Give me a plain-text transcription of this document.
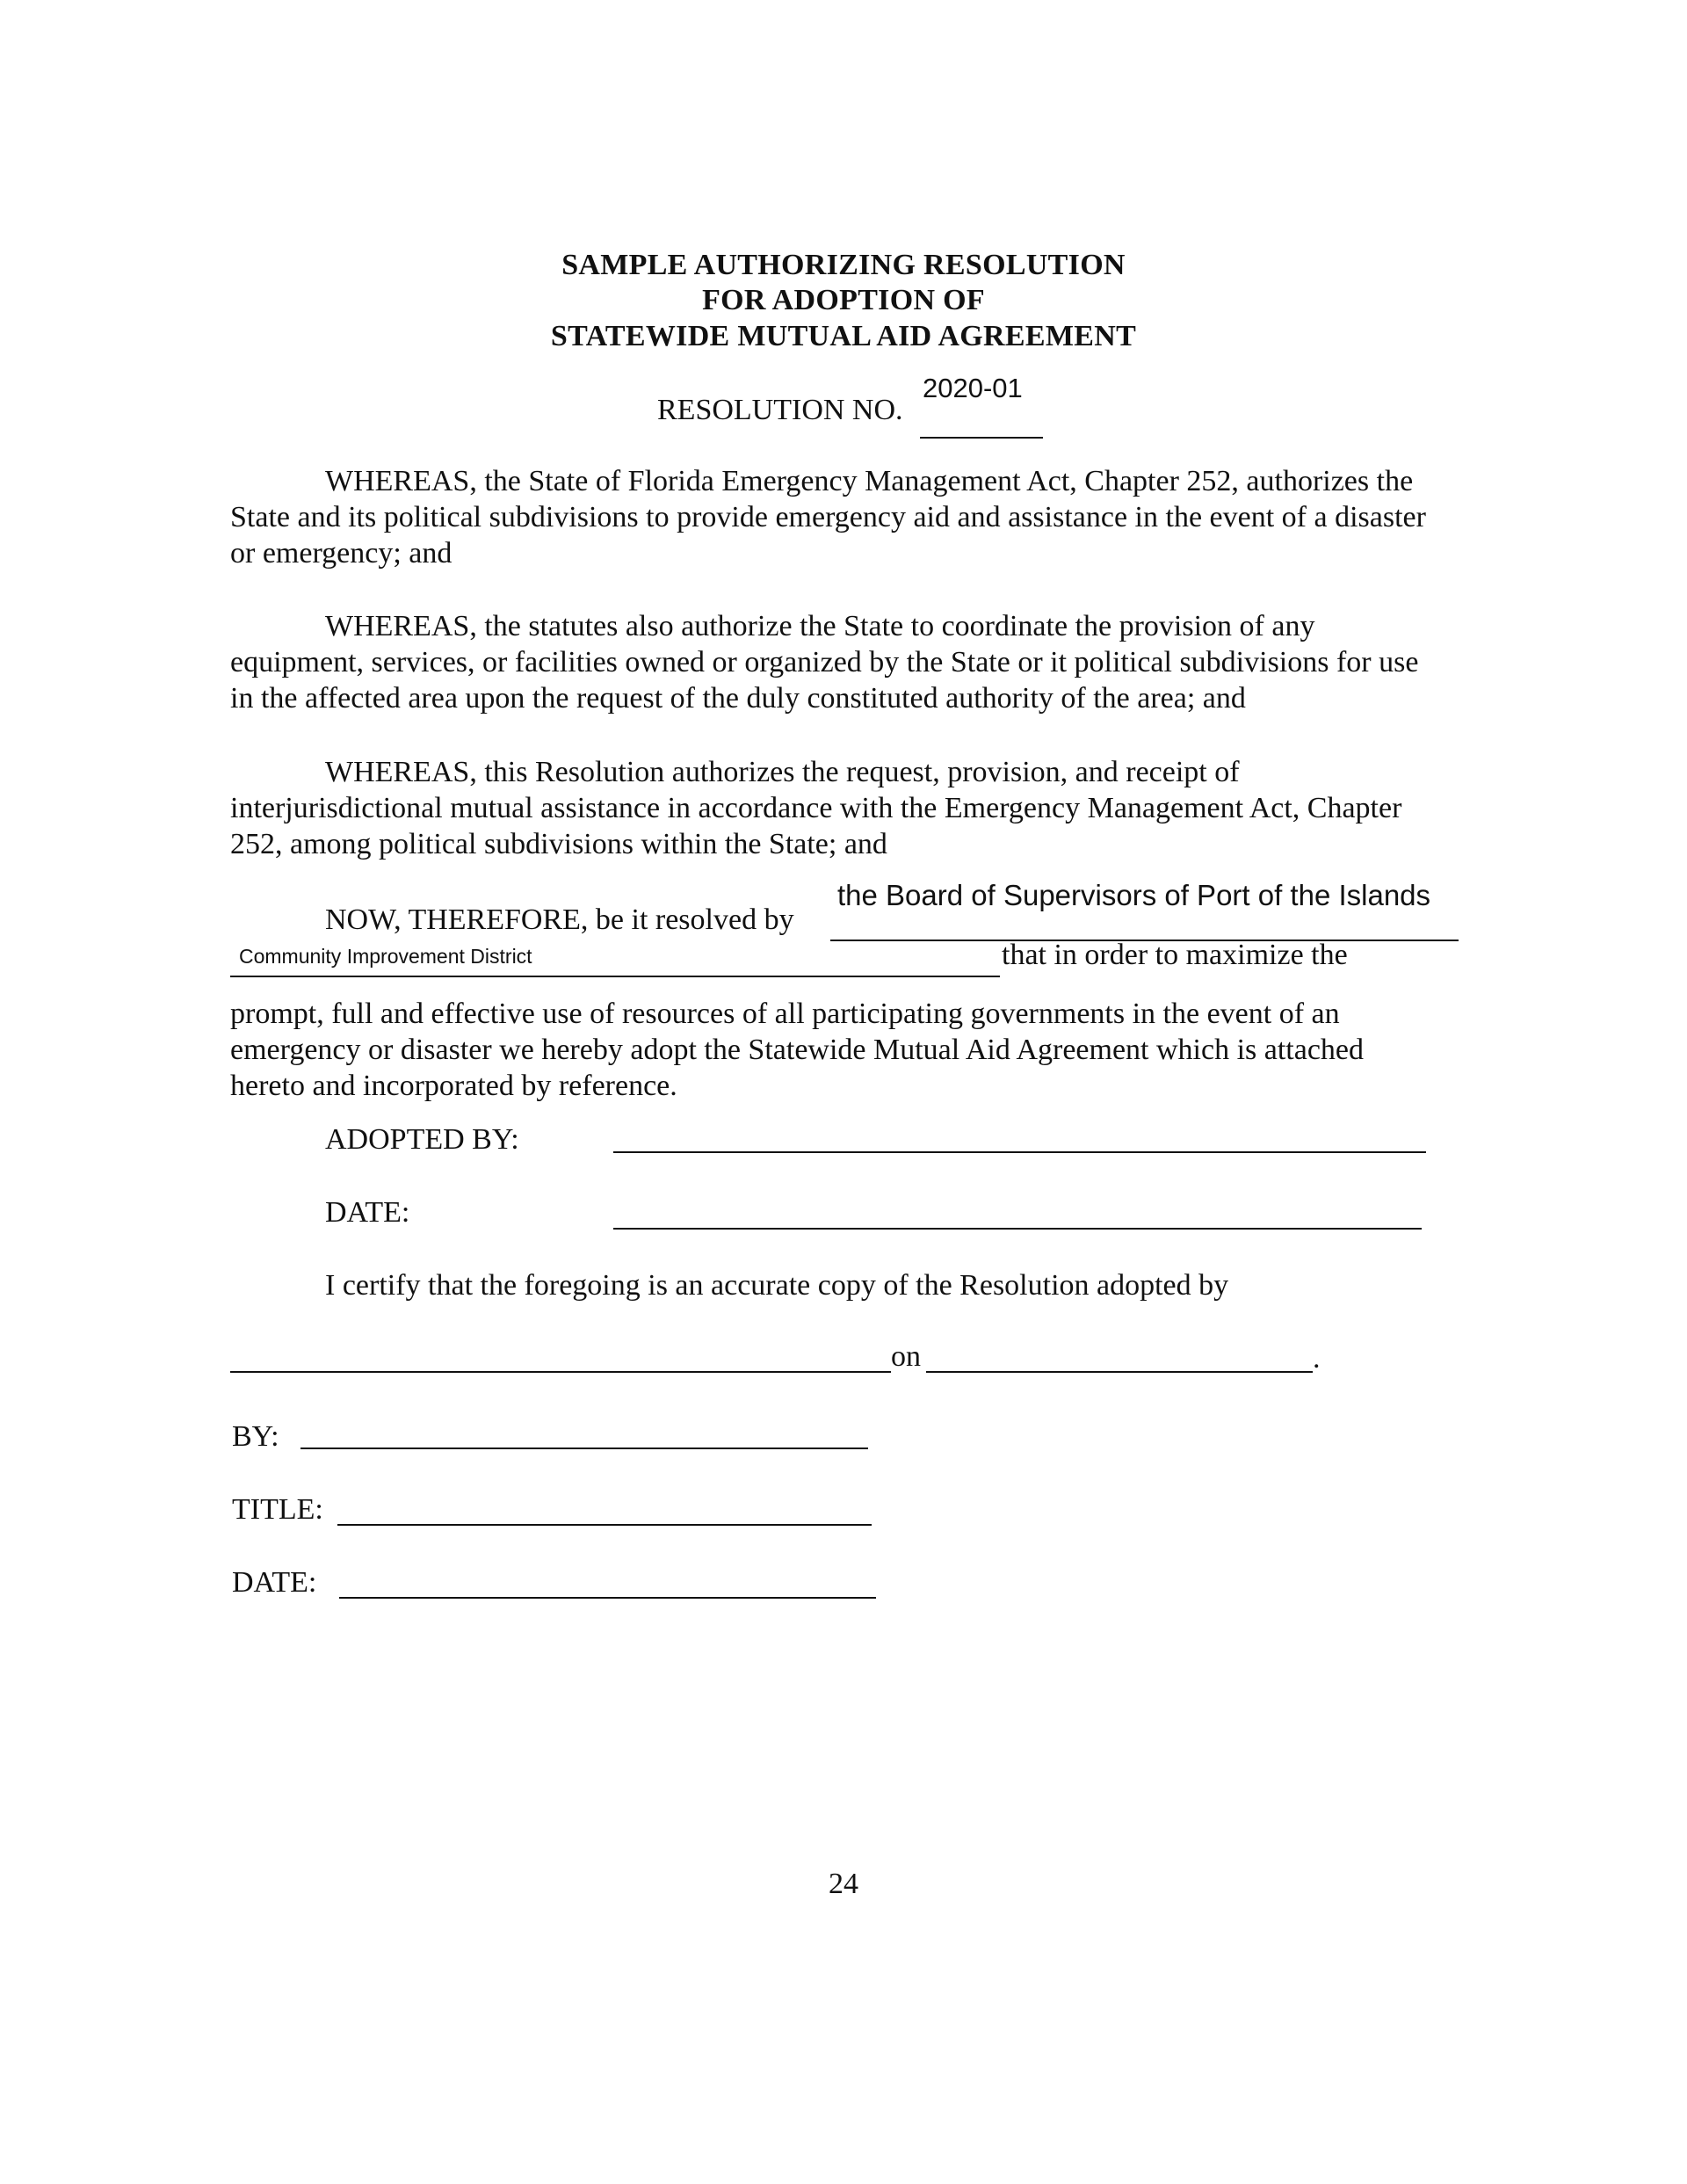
SAMPLE AUTHORIZING RESOLUTION
FOR ADOPTION OF
STATEWIDE MUTUAL AID AGREEMENT
RESOLUTION NO.
2020-01
WHEREAS, the State of Florida Emergency Management Act, Chapter 252, authorizes the State and its political subdivisions to provide emergency aid and assistance in the event of a disaster or emergency; and
WHEREAS, the statutes also authorize the State to coordinate the provision of any equipment, services, or facilities owned or organized by the State or it political subdivisions for use in the affected area upon the request of the duly constituted authority of the area; and
WHEREAS, this Resolution authorizes the request, provision, and receipt of interjurisdictional mutual assistance in accordance with the Emergency Management Act, Chapter 252, among political subdivisions within the State; and
NOW, THEREFORE, be it resolved by
the Board of Supervisors of Port of the Islands
Community Improvement District	that in order to maximize the
prompt, full and effective use of resources of all participating governments in the event of an emergency or disaster we hereby adopt the Statewide Mutual Aid Agreement which is attached hereto and incorporated by reference.
ADOPTED BY:
DATE:
I certify that the foregoing is an accurate copy of the Resolution adopted by
on	.
BY:
TITLE:
DATE:
24
